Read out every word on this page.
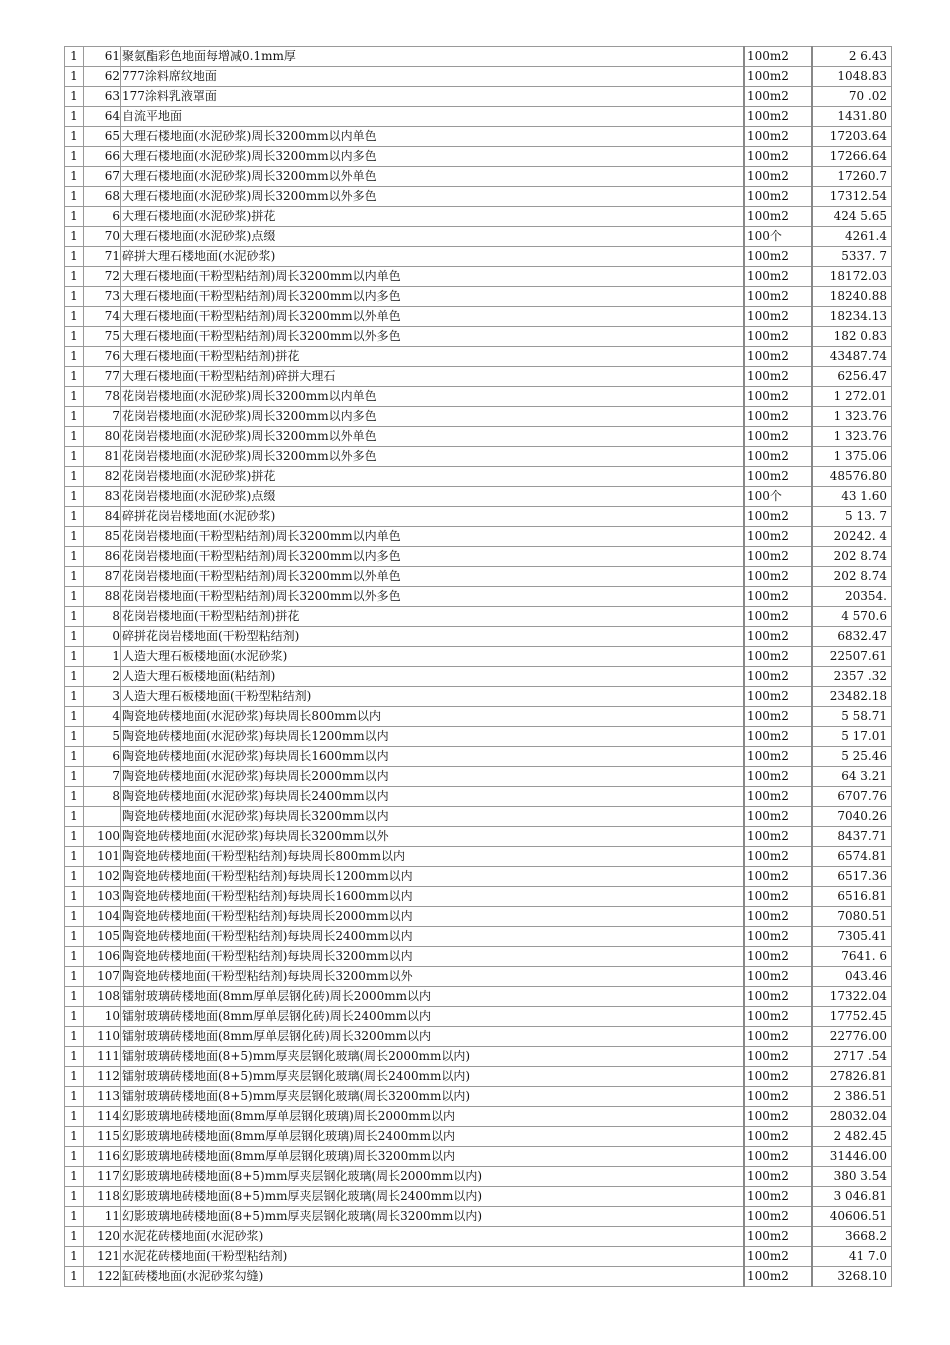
1	61	聚氨酯彩色地面每增减0.1mm厚	100m2	2 6.43
1	62	777涂料席纹地面	100m2	1048.83
1	63	177涂料乳液罩面	100m2	70 .02
1	64	自流平地面	100m2	1431.80
1	65	大理石楼地面(水泥砂浆)周长3200mm以内单色	100m2	17203.64
1	66	大理石楼地面(水泥砂浆)周长3200mm以内多色	100m2	17266.64
1	67	大理石楼地面(水泥砂浆)周长3200mm以外单色	100m2	17260.7
1	68	大理石楼地面(水泥砂浆)周长3200mm以外多色	100m2	17312.54
1	6	大理石楼地面(水泥砂浆)拼花	100m2	424 5.65
1	70	大理石楼地面(水泥砂浆)点缀	100个	4261.4
1	71	碎拼大理石楼地面(水泥砂浆)	100m2	5337. 7
1	72	大理石楼地面(干粉型粘结剂)周长3200mm以内单色	100m2	18172.03
1	73	大理石楼地面(干粉型粘结剂)周长3200mm以内多色	100m2	18240.88
1	74	大理石楼地面(干粉型粘结剂)周长3200mm以外单色	100m2	18234.13
1	75	大理石楼地面(干粉型粘结剂)周长3200mm以外多色	100m2	182 0.83
1	76	大理石楼地面(干粉型粘结剂)拼花	100m2	43487.74
1	77	大理石楼地面(干粉型粘结剂)碎拼大理石	100m2	6256.47
1	78	花岗岩楼地面(水泥砂浆)周长3200mm以内单色	100m2	1 272.01
1	7	花岗岩楼地面(水泥砂浆)周长3200mm以内多色	100m2	1 323.76
1	80	花岗岩楼地面(水泥砂浆)周长3200mm以外单色	100m2	1 323.76
1	81	花岗岩楼地面(水泥砂浆)周长3200mm以外多色	100m2	1 375.06
1	82	花岗岩楼地面(水泥砂浆)拼花	100m2	48576.80
1	83	花岗岩楼地面(水泥砂浆)点缀	100个	43 1.60
1	84	碎拼花岗岩楼地面(水泥砂浆)	100m2	5 13. 7
1	85	花岗岩楼地面(干粉型粘结剂)周长3200mm以内单色	100m2	20242. 4
1	86	花岗岩楼地面(干粉型粘结剂)周长3200mm以内多色	100m2	202 8.74
1	87	花岗岩楼地面(干粉型粘结剂)周长3200mm以外单色	100m2	202 8.74
1	88	花岗岩楼地面(干粉型粘结剂)周长3200mm以外多色	100m2	20354.
1	8	花岗岩楼地面(干粉型粘结剂)拼花	100m2	4 570.6
1	0	碎拼花岗岩楼地面(干粉型粘结剂)	100m2	6832.47
1	1	人造大理石板楼地面(水泥砂浆)	100m2	22507.61
1	2	人造大理石板楼地面(粘结剂)	100m2	2357 .32
1	3	人造大理石板楼地面(干粉型粘结剂)	100m2	23482.18
1	4	陶瓷地砖楼地面(水泥砂浆)每块周长800mm以内	100m2	5 58.71
1	5	陶瓷地砖楼地面(水泥砂浆)每块周长1200mm以内	100m2	5 17.01
1	6	陶瓷地砖楼地面(水泥砂浆)每块周长1600mm以内	100m2	5 25.46
1	7	陶瓷地砖楼地面(水泥砂浆)每块周长2000mm以内	100m2	64 3.21
1	8	陶瓷地砖楼地面(水泥砂浆)每块周长2400mm以内	100m2	6707.76
1		陶瓷地砖楼地面(水泥砂浆)每块周长3200mm以内	100m2	7040.26
1	100	陶瓷地砖楼地面(水泥砂浆)每块周长3200mm以外	100m2	8437.71
1	101	陶瓷地砖楼地面(干粉型粘结剂)每块周长800mm以内	100m2	6574.81
1	102	陶瓷地砖楼地面(干粉型粘结剂)每块周长1200mm以内	100m2	6517.36
1	103	陶瓷地砖楼地面(干粉型粘结剂)每块周长1600mm以内	100m2	6516.81
1	104	陶瓷地砖楼地面(干粉型粘结剂)每块周长2000mm以内	100m2	7080.51
1	105	陶瓷地砖楼地面(干粉型粘结剂)每块周长2400mm以内	100m2	7305.41
1	106	陶瓷地砖楼地面(干粉型粘结剂)每块周长3200mm以内	100m2	7641. 6
1	107	陶瓷地砖楼地面(干粉型粘结剂)每块周长3200mm以外	100m2	043.46
1	108	镭射玻璃砖楼地面(8mm厚单层钢化砖)周长2000mm以内	100m2	17322.04
1	10	镭射玻璃砖楼地面(8mm厚单层钢化砖)周长2400mm以内	100m2	17752.45
1	110	镭射玻璃砖楼地面(8mm厚单层钢化砖)周长3200mm以内	100m2	22776.00
1	111	镭射玻璃砖楼地面(8+5)mm厚夹层钢化玻璃(周长2000mm以内)	100m2	2717 .54
1	112	镭射玻璃砖楼地面(8+5)mm厚夹层钢化玻璃(周长2400mm以内)	100m2	27826.81
1	113	镭射玻璃砖楼地面(8+5)mm厚夹层钢化玻璃(周长3200mm以内)	100m2	2 386.51
1	114	幻影玻璃地砖楼地面(8mm厚单层钢化玻璃)周长2000mm以内	100m2	28032.04
1	115	幻影玻璃地砖楼地面(8mm厚单层钢化玻璃)周长2400mm以内	100m2	2 482.45
1	116	幻影玻璃地砖楼地面(8mm厚单层钢化玻璃)周长3200mm以内	100m2	31446.00
1	117	幻影玻璃地砖楼地面(8+5)mm厚夹层钢化玻璃(周长2000mm以内)	100m2	380 3.54
1	118	幻影玻璃地砖楼地面(8+5)mm厚夹层钢化玻璃(周长2400mm以内)	100m2	3 046.81
1	11	幻影玻璃地砖楼地面(8+5)mm厚夹层钢化玻璃(周长3200mm以内)	100m2	40606.51
1	120	水泥花砖楼地面(水泥砂浆)	100m2	3668.2
1	121	水泥花砖楼地面(干粉型粘结剂)	100m2	41 7.0
1	122	缸砖楼地面(水泥砂浆勾缝)	100m2	3268.10
